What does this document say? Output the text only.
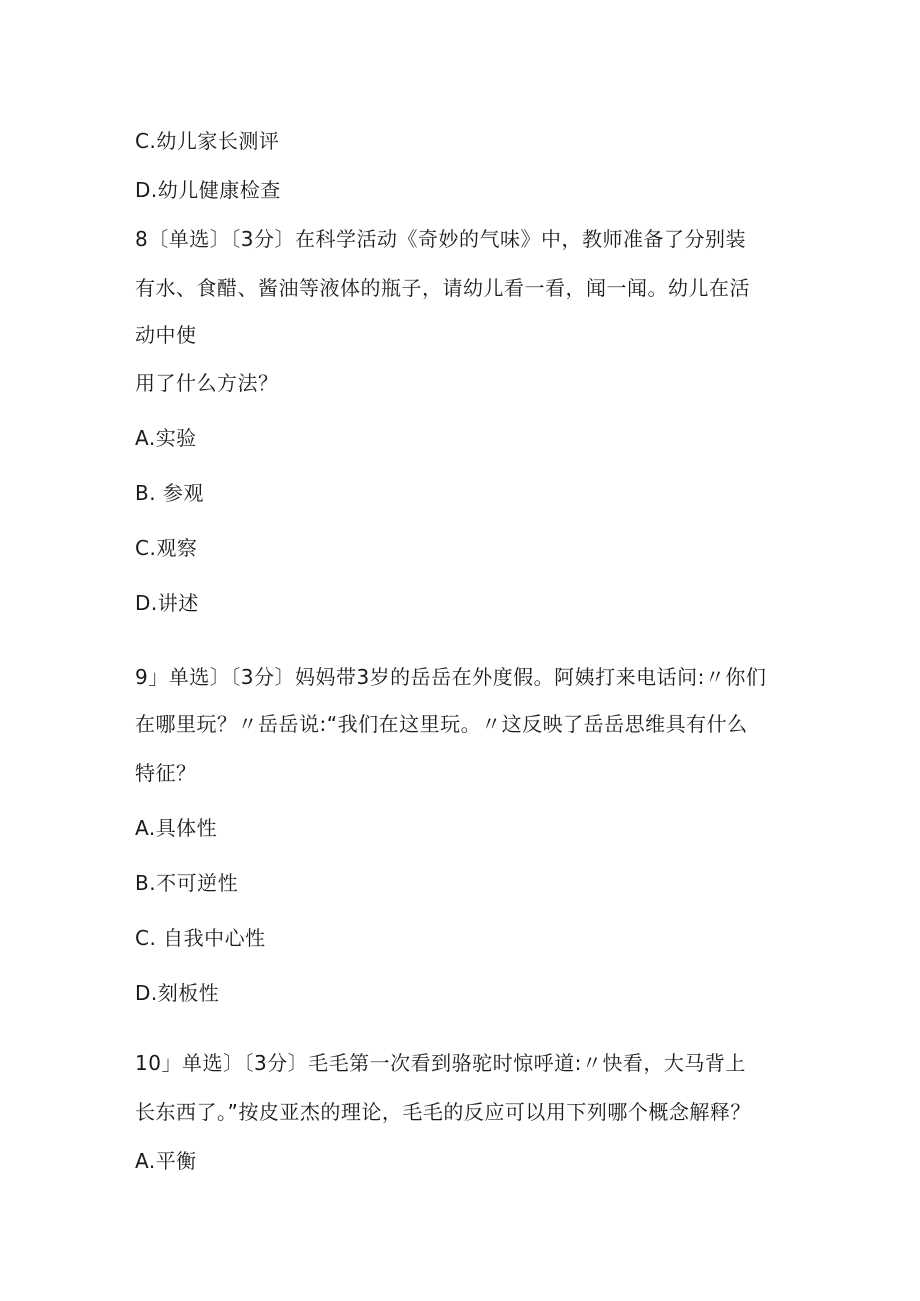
C.幼儿家长测评
D.幼儿健康检查
8〔单选〕〔3分〕在科学活动《奇妙的气味》中，教师准备了分别装
有水、食醋、酱油等液体的瓶子，请幼儿看一看，闻一闻。幼儿在活
动中使
用了什么方法？
A.实验
B. 参观
C.观察
D.讲述
9」单选〕〔3分〕妈妈带3岁的岳岳在外度假。阿姨打来电话问:〃你们
在哪里玩？〃岳岳说:“我们在这里玩。〃这反映了岳岳思维具有什么
特征？
A.具体性
B.不可逆性
C. 自我中心性
D.刻板性
10」单选〕〔3分〕毛毛第一次看到骆驼时惊呼道:〃快看，大马背上
长东西了。”按皮亚杰的理论，毛毛的反应可以用下列哪个概念解释？
A.平衡
